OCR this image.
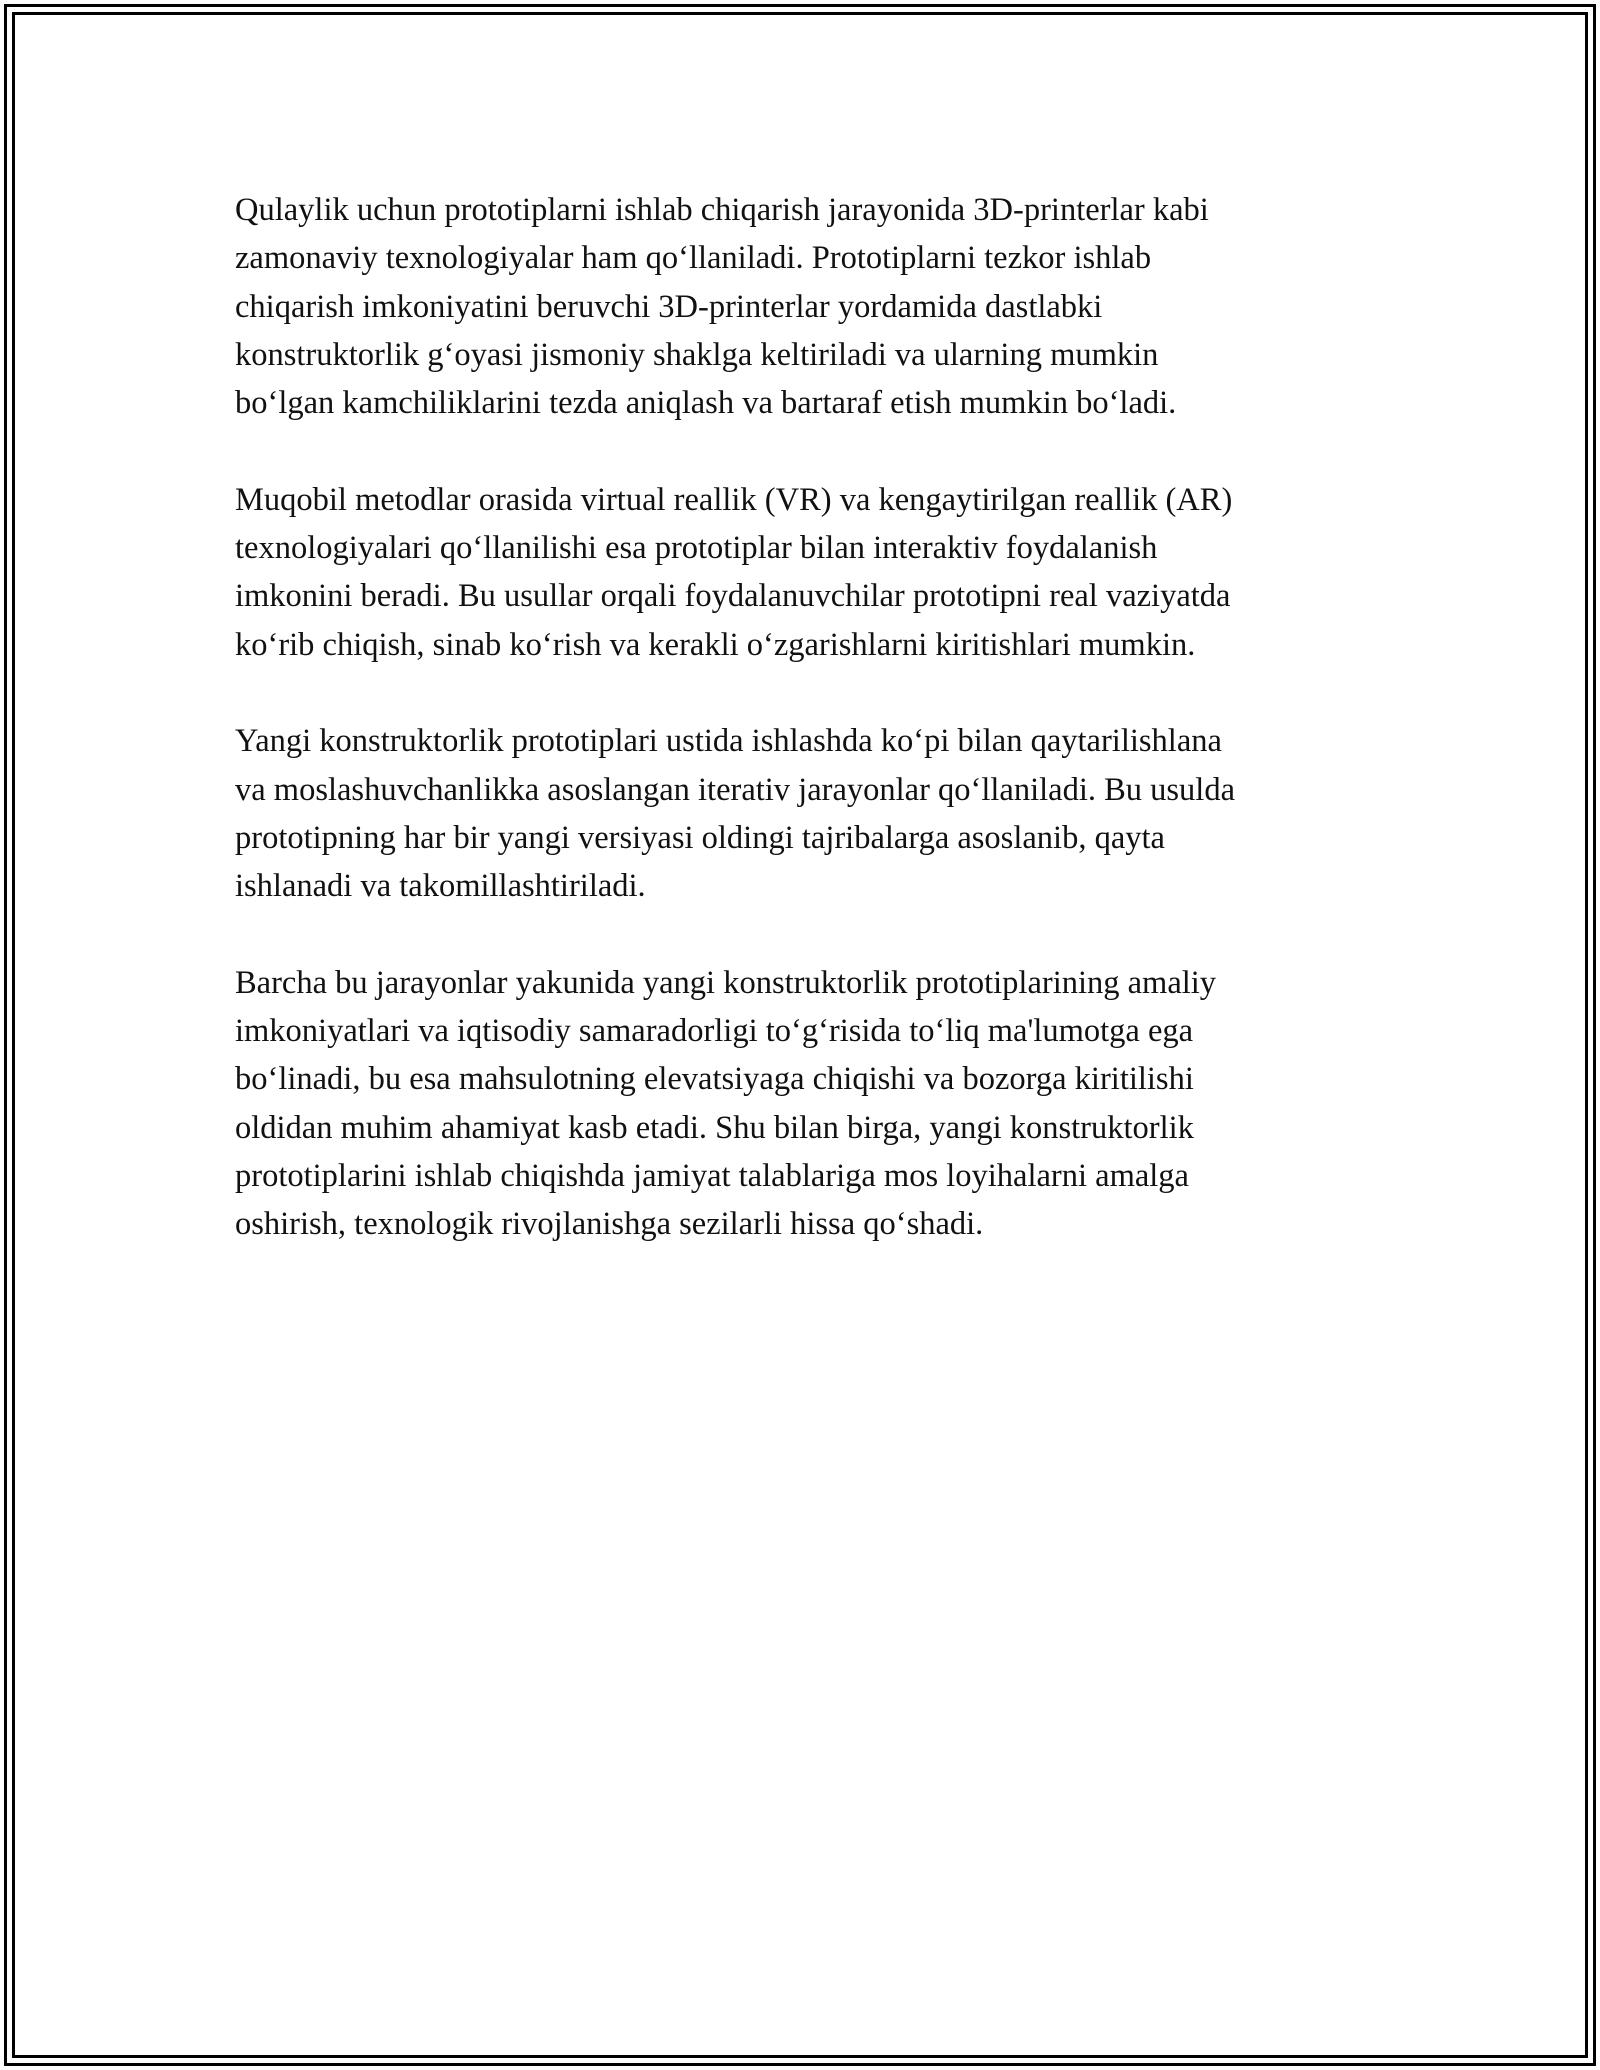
Qulaylik uchun prototiplarni ishlab chiqarish jarayonida 3D-printerlar kabi
zamonaviy texnologiyalar ham qo‘llaniladi. Prototiplarni tezkor ishlab
chiqarish imkoniyatini beruvchi 3D-printerlar yordamida dastlabki
konstruktorlik g‘oyasi jismoniy shaklga keltiriladi va ularning mumkin
bo‘lgan kamchiliklarini tezda aniqlash va bartaraf etish mumkin bo‘ladi.

Muqobil metodlar orasida virtual reallik (VR) va kengaytirilgan reallik (AR)
texnologiyalari qo‘llanilishi esa prototiplar bilan interaktiv foydalanish
imkonini beradi. Bu usullar orqali foydalanuvchilar prototipni real vaziyatda
ko‘rib chiqish, sinab ko‘rish va kerakli o‘zgarishlarni kiritishlari mumkin.

Yangi konstruktorlik prototiplari ustida ishlashda ko‘pi bilan qaytarilishlana
va moslashuvchanlikka asoslangan iterativ jarayonlar qo‘llaniladi. Bu usulda
prototipning har bir yangi versiyasi oldingi tajribalarga asoslanib, qayta
ishlanadi va takomillashtiriladi.

Barcha bu jarayonlar yakunida yangi konstruktorlik prototiplarining amaliy
imkoniyatlari va iqtisodiy samaradorligi to‘g‘risida to‘liq ma'lumotga ega
bo‘linadi, bu esa mahsulotning elevatsiyaga chiqishi va bozorga kiritilishi
oldidan muhim ahamiyat kasb etadi. Shu bilan birga, yangi konstruktorlik
prototiplarini ishlab chiqishda jamiyat talablariga mos loyihalarni amalga
oshirish, texnologik rivojlanishga sezilarli hissa qo‘shadi.
